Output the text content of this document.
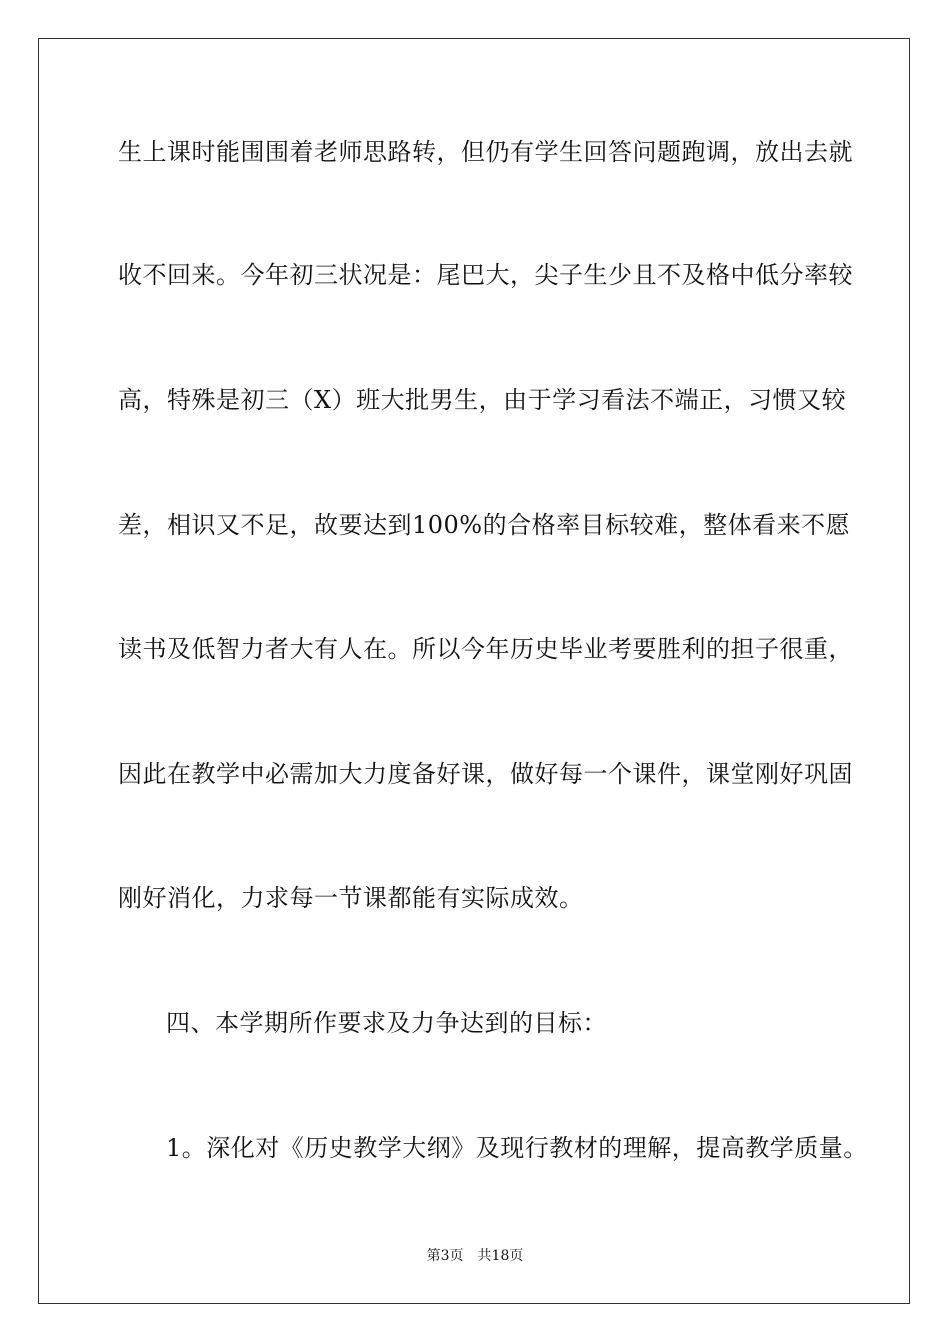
生上课时能围围着老师思路转，但仍有学生回答问题跑调，放出去就
收不回来。今年初三状况是：尾巴大，尖子生少且不及格中低分率较
高，特殊是初三（X）班大批男生，由于学习看法不端正，习惯又较
差，相识又不足，故要达到100%的合格率目标较难，整体看来不愿
读书及低智力者大有人在。所以今年历史毕业考要胜利的担子很重，
因此在教学中必需加大力度备好课，做好每一个课件，课堂刚好巩固
刚好消化，力求每一节课都能有实际成效。
四、本学期所作要求及力争达到的目标：
1。深化对《历史教学大纲》及现行教材的理解，提高教学质量。
第3页 共18页
